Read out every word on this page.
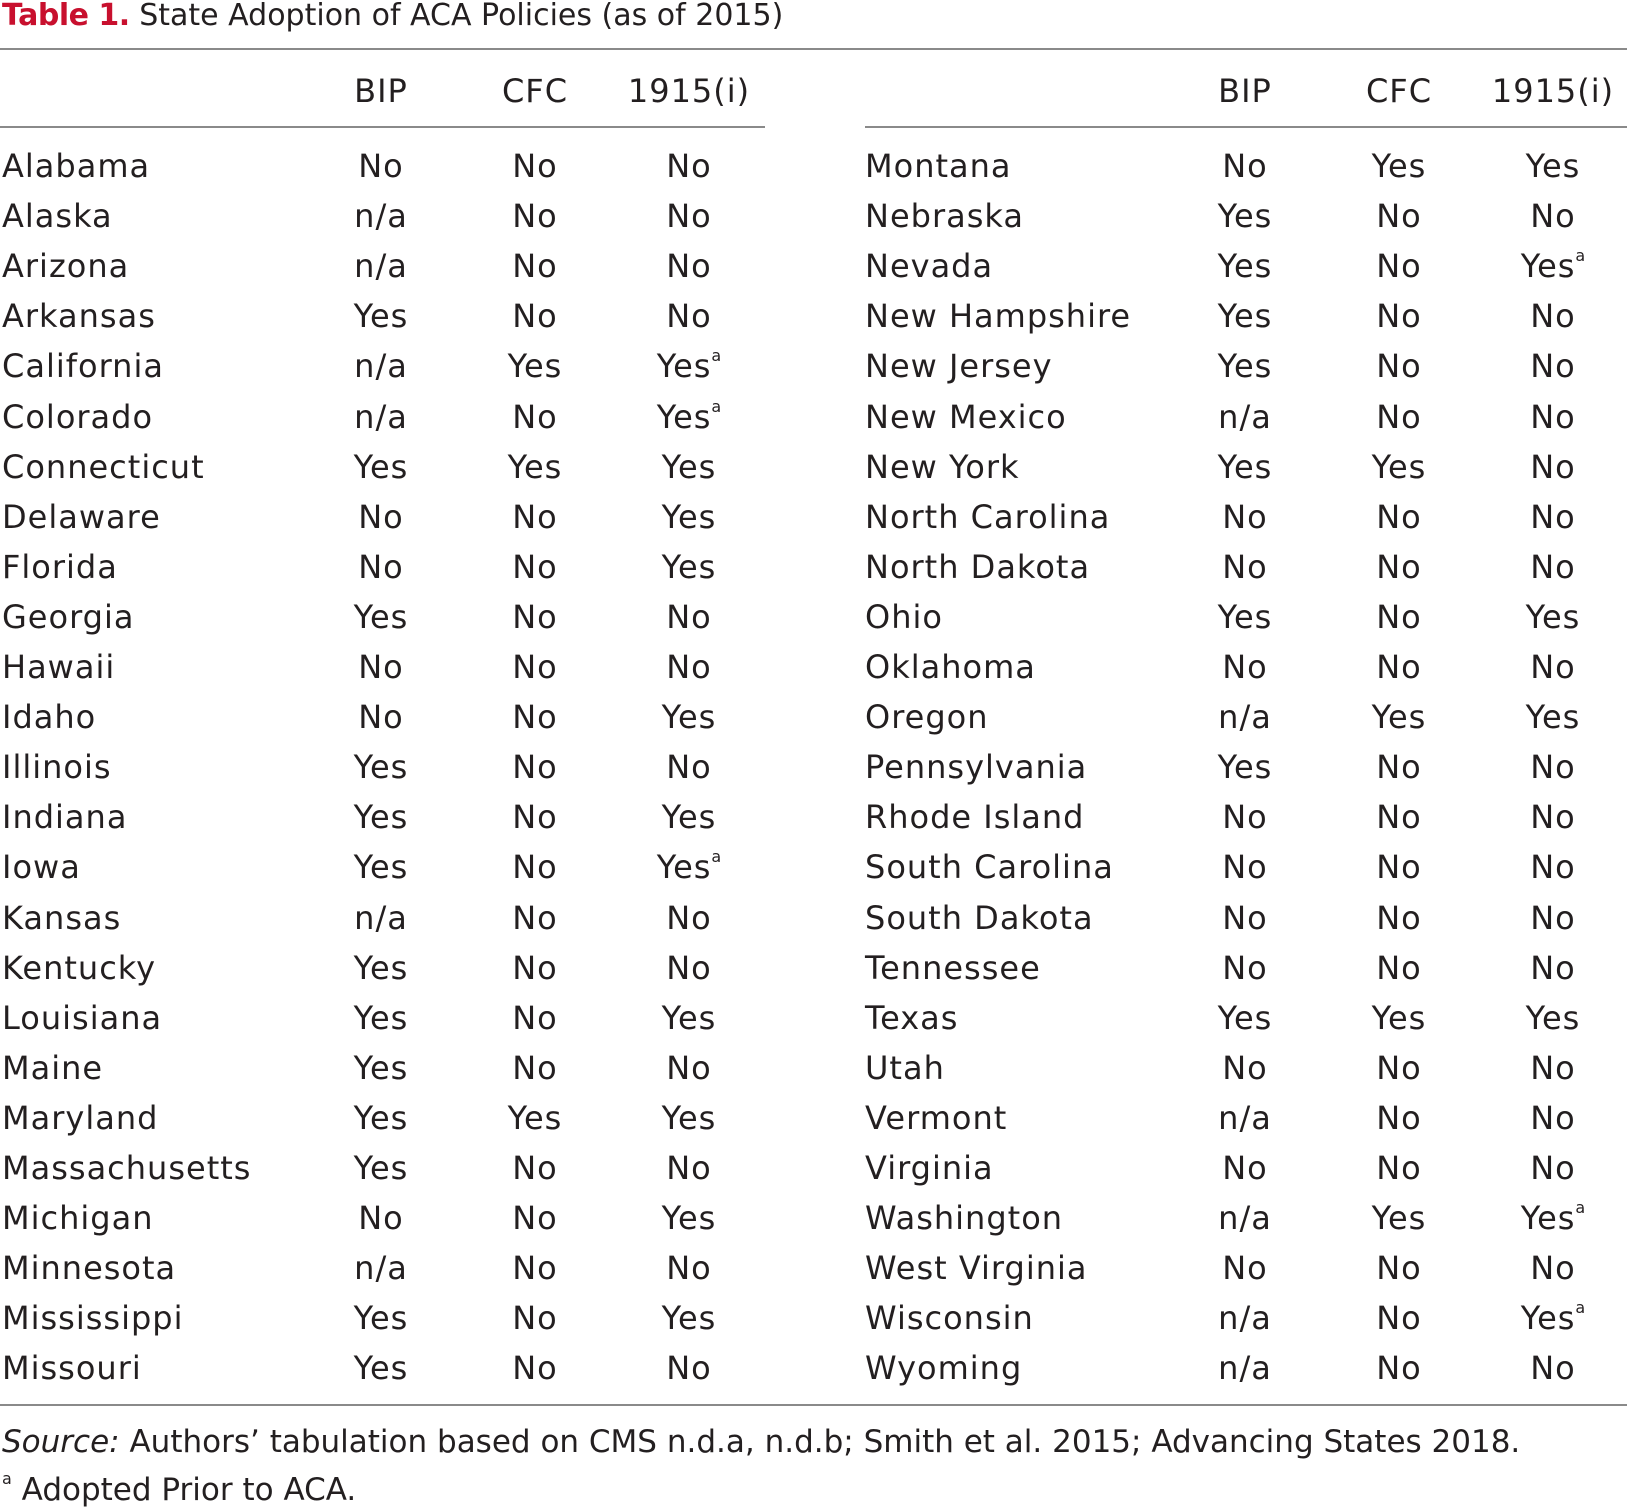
Table 1. State Adoption of ACA Policies (as of 2015)
BIP	CFC	1915(i)	BIP	CFC	1915(i)
Alabama	No	No	No
Alaska	n/a	No	No
Arizona	n/a	No	No
Arkansas	Yes	No	No
California	n/a	Yes	Yes$^a$
Colorado	n/a	No	Yes$^a$
Connecticut	Yes	Yes	Yes
Delaware	No	No	Yes
Florida	No	No	Yes
Georgia	Yes	No	No
Hawaii	No	No	No
Idaho	No	No	Yes
Illinois	Yes	No	No
Indiana	Yes	No	Yes
Iowa	Yes	No	Yes$^a$
Kansas	n/a	No	No
Kentucky	Yes	No	No
Louisiana	Yes	No	Yes
Maine	Yes	No	No
Maryland	Yes	Yes	Yes
Massachusetts	Yes	No	No
Michigan	No	No	Yes
Minnesota	n/a	No	No
Mississippi	Yes	No	Yes
Missouri	Yes	No	No
Montana	No	Yes	Yes
Nebraska	Yes	No	No
Nevada	Yes	No	Yes$^a$
New Hampshire	Yes	No	No
New Jersey	Yes	No	No
New Mexico	n/a	No	No
New York	Yes	Yes	No
North Carolina	No	No	No
North Dakota	No	No	No
Ohio	Yes	No	Yes
Oklahoma	No	No	No
Oregon	n/a	Yes	Yes
Pennsylvania	Yes	No	No
Rhode Island	No	No	No
South Carolina	No	No	No
South Dakota	No	No	No
Tennessee	No	No	No
Texas	Yes	Yes	Yes
Utah	No	No	No
Vermont	n/a	No	No
Virginia	No	No	No
Washington	n/a	Yes	Yes$^a$
West Virginia	No	No	No
Wisconsin	n/a	No	Yes$^a$
Wyoming	n/a	No	No
Source: Authors’ tabulation based on CMS n.d.a, n.d.b; Smith et al. 2015; Advancing States 2018.
$^a$ Adopted Prior to ACA.
